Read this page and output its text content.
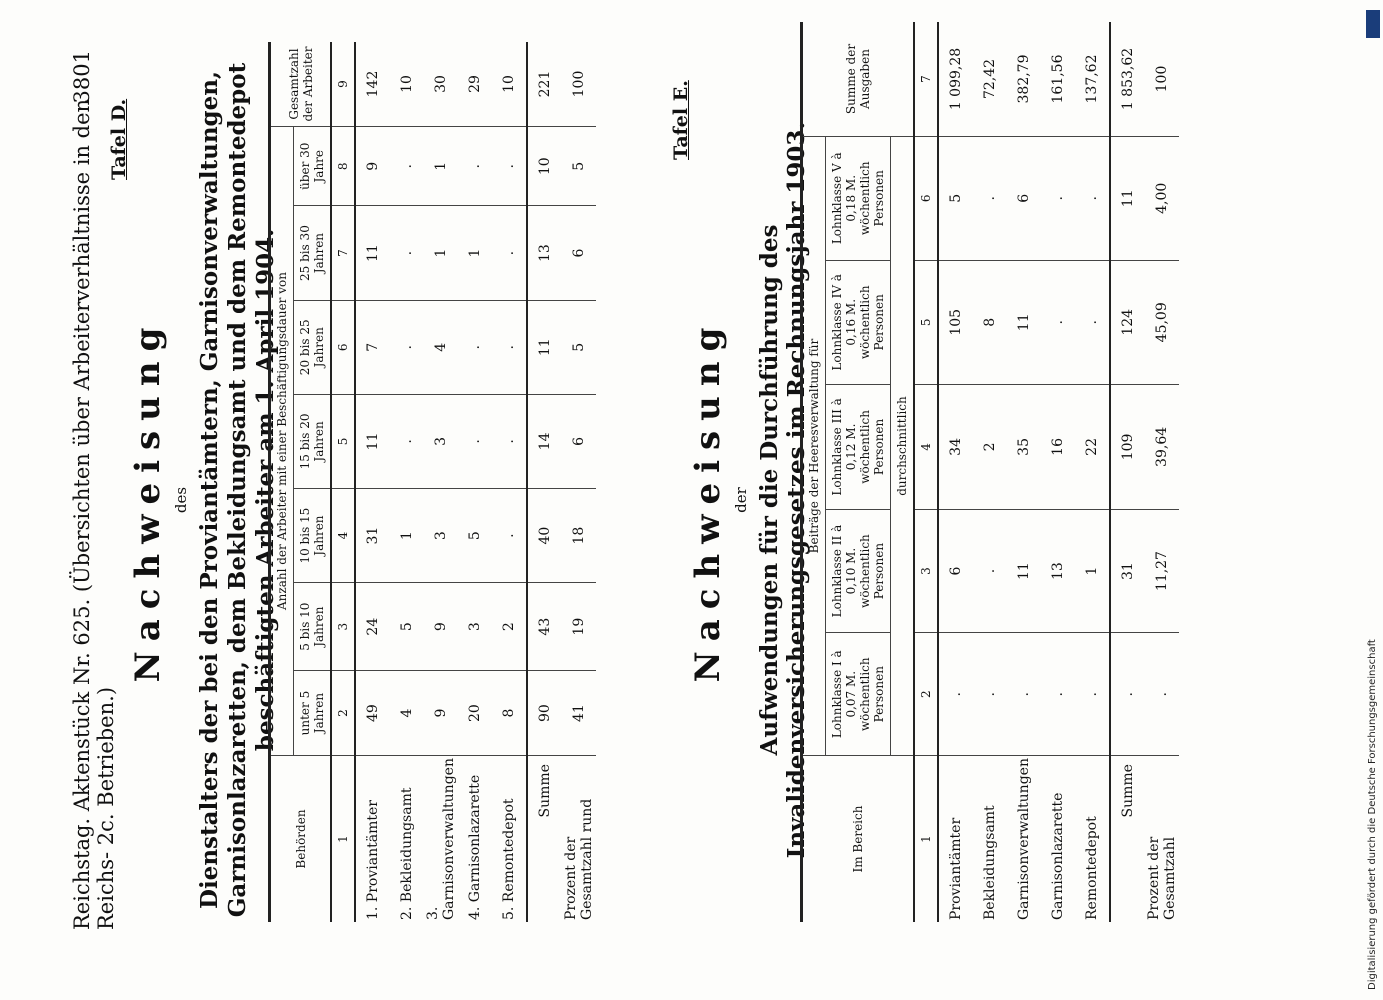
Reichstag. Aktenstück Nr. 625. (Übersichten über Arbeiterverhältnisse in den Reichs- 2c. Betrieben.)
3801
Tafel D.
Nachweisung des Dienstalters der bei den Proviantämtern, Garnisonverwaltungen, Garnisonlazaretten, dem Bekleidungsamt und dem Remontedepot beschäftigten Arbeiter am 1. April 1904.
Behörden	Anzahl der Arbeiter mit einer Beschäftigungsdauer von							Gesamtzahl der Arbeiter
	unter 5 Jahren	5 bis 10 Jahren	10 bis 15 Jahren	15 bis 20 Jahren	20 bis 25 Jahren	25 bis 30 Jahren	über 30 Jahre	
1	2	3	4	5	6	7	8	9
1. Proviantämter	49	24	31	11	7	11	9	142
2. Bekleidungsamt	4	5	1	.	.	.	.	10
3. Garnisonverwaltungen	9	9	3	3	4	1	1	30
4. Garnisonlazarette	20	3	5	.	.	1	.	29
5. Remontedepot	8	2	.	.	.	.	.	10
Summe	90	43	40	14	11	13	10	221
Prozent der Gesamtzahl rund	41	19	18	6	5	6	5	100	Tafel E.
Nachweisung der Aufwendungen für die Durchführung des Invalidenversicherungsgesetzes im Rechnungsjahr 1903.	Im Bereich	Beiträge der Heeresverwaltung für					Summe der Ausgaben
	Lohnklasse I à 0,07 M. wöchentlich Personen	Lohnklasse II à 0,10 M. wöchentlich Personen	Lohnklasse III à 0,12 M. wöchentlich Personen	Lohnklasse IV à 0,16 M. wöchentlich Personen	Lohnklasse V à 0,18 M. wöchentlich Personen	
	durchschnittlich					
1	2	3	4	5	6	7
Proviantämter	.	6	34	105	5	1 099,28
Bekleidungsamt	.	.	2	8	.	72,42
Garnisonverwaltungen	.	11	35	11	6	382,79
Garnisonlazarette	.	13	16	.	.	161,56
Remontedepot	.	1	22	.	.	137,62
Summe	.	31	109	124	11	1 853,62
Prozent der Gesamtzahl	.	11,27	39,64	45,09	4,00	100
Digitalisierung gefördert durch die Deutsche Forschungsgemeinschaft
